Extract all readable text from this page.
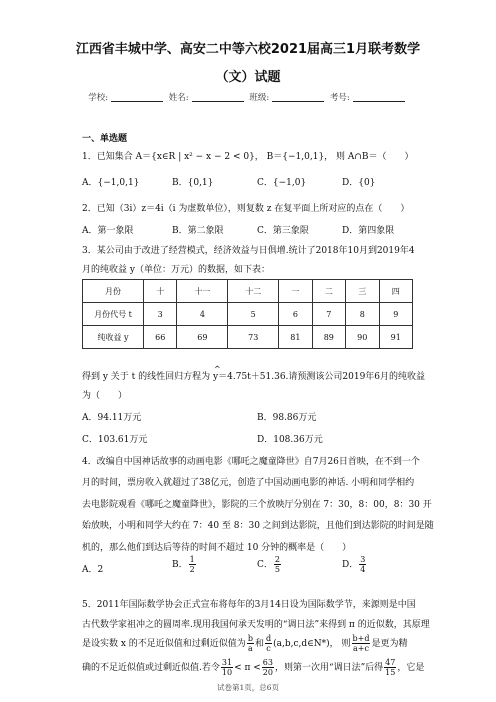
江西省丰城中学、高安二中等六校2021届高三1月联考数学
（文）试题
学校:	姓名:	班级:	考号:
一、单选题
1．已知集合 A＝{x∈R | x² − x − 2 < 0}， B＝{−1,0,1}， 则 A∩B＝（　　）
A．{−1,0,1}	B．{0,1}	C．{−1,0}	D．{0}
2．已知（3i）z＝4i（i 为虚数单位），则复数 z 在复平面上所对应的点在（　　）
A．第一象限	B．第二象限	C．第三象限	D．第四象限
3．某公司由于改进了经营模式，经济效益与日俱增.统计了2018年10月到2019年4
月的纯收益 y（单位：万元）的数据，如下表：
月份	十	十一	十二	一	二	三	四
月份代号 t	3	4	5	6	7	8	9
纯收益 y	66	69	73	81	89	90	91
得到 y 关于 t 的线性回归方程为 ^ y＝4.75t＋51.36.请预测该公司2019年6月的纯收益
为（　　）
A．94.11万元	B．98.86万元
C．103.61万元	D．108.36万元
4．改编自中国神话故事的动画电影《哪吒之魔童降世》自7月26日首映，在不到一个
月的时间，票房收入就超过了38亿元，创造了中国动画电影的神话. 小明和同学相约
去电影院观看《哪吒之魔童降世》，影院的三个放映厅分别在 7：30，8：00，8：30 开
始放映，小明和同学大约在 7：40 至 8：30 之间到达影院，且他们到达影院的时间是随
机的，那么他们到达后等待的时间不超过 10 分钟的概率是（　　）
A．2	B． $\frac{1}{2}$	C． $\frac{2}{5}$	D． $\frac{3}{4}$
5．2011年国际数学协会正式宣布将每年的3月14日设为国际数学节，来源则是中国
古代数学家祖冲之的圆周率.现用我国何承天发明的“调日法”来得到 π 的近似数，其原理
是设实数 x 的不足近似值和过剩近似值为 $\frac{b}{a}$ 和 $\frac{d}{c}$ (a,b,c,d∈N*)， 则 $\frac{b+d}{a+c}$ 是更为精
确的不足近似值或过剩近似值.若令 $\frac{31}{10} < \pi < \frac{63}{20}$ ，则第一次用“调日法”后得 $\frac{47}{15}$ ，它是
试卷第1页，总6页
